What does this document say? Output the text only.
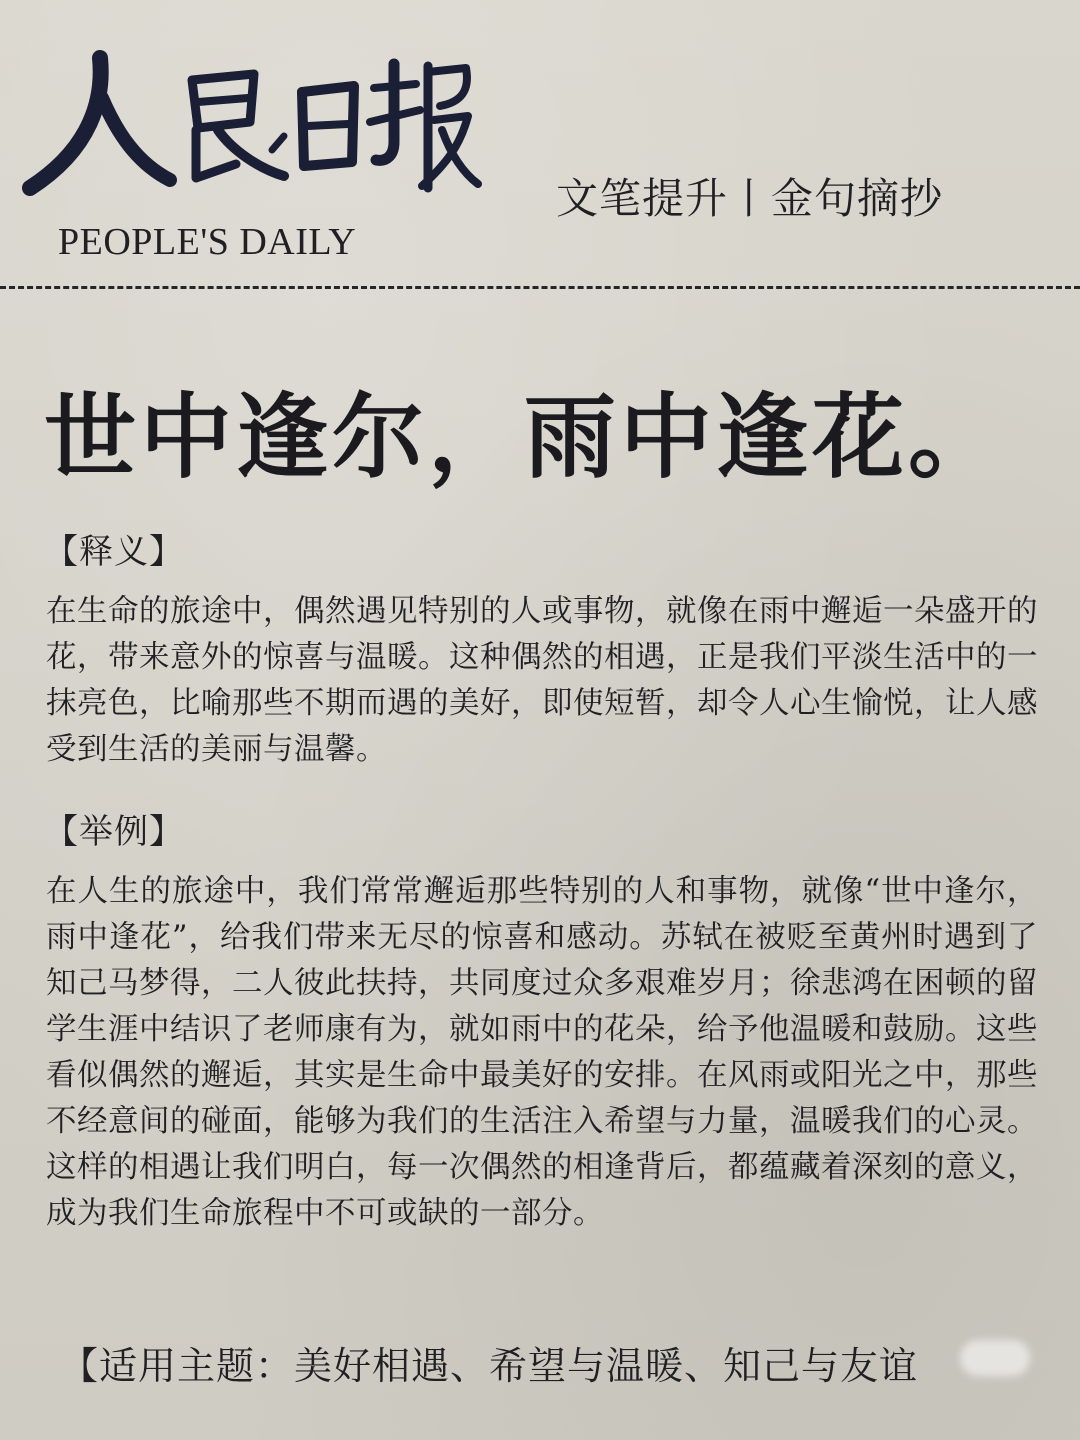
PEOPLE'S DAILY
文笔提升丨金句摘抄
世中逢尔，雨中逢花。
【释义】
在生命的旅途中，偶然遇见特别的人或事物，就像在雨中邂逅一朵盛开的花，带来意外的惊喜与温暖。这种偶然的相遇，正是我们平淡生活中的一抹亮色，比喻那些不期而遇的美好，即使短暂，却令人心生愉悦，让人感受到生活的美丽与温馨。
【举例】
在人生的旅途中，我们常常邂逅那些特别的人和事物，就像“世中逢尔，雨中逢花”，给我们带来无尽的惊喜和感动。苏轼在被贬至黄州时遇到了知己马梦得，二人彼此扶持，共同度过众多艰难岁月；徐悲鸿在困顿的留学生涯中结识了老师康有为，就如雨中的花朵，给予他温暖和鼓励。这些看似偶然的邂逅，其实是生命中最美好的安排。在风雨或阳光之中，那些不经意间的碰面，能够为我们的生活注入希望与力量，温暖我们的心灵。这样的相遇让我们明白，每一次偶然的相逢背后，都蕴藏着深刻的意义，成为我们生命旅程中不可或缺的一部分。
【适用主题：美好相遇、希望与温暖、知己与友谊
